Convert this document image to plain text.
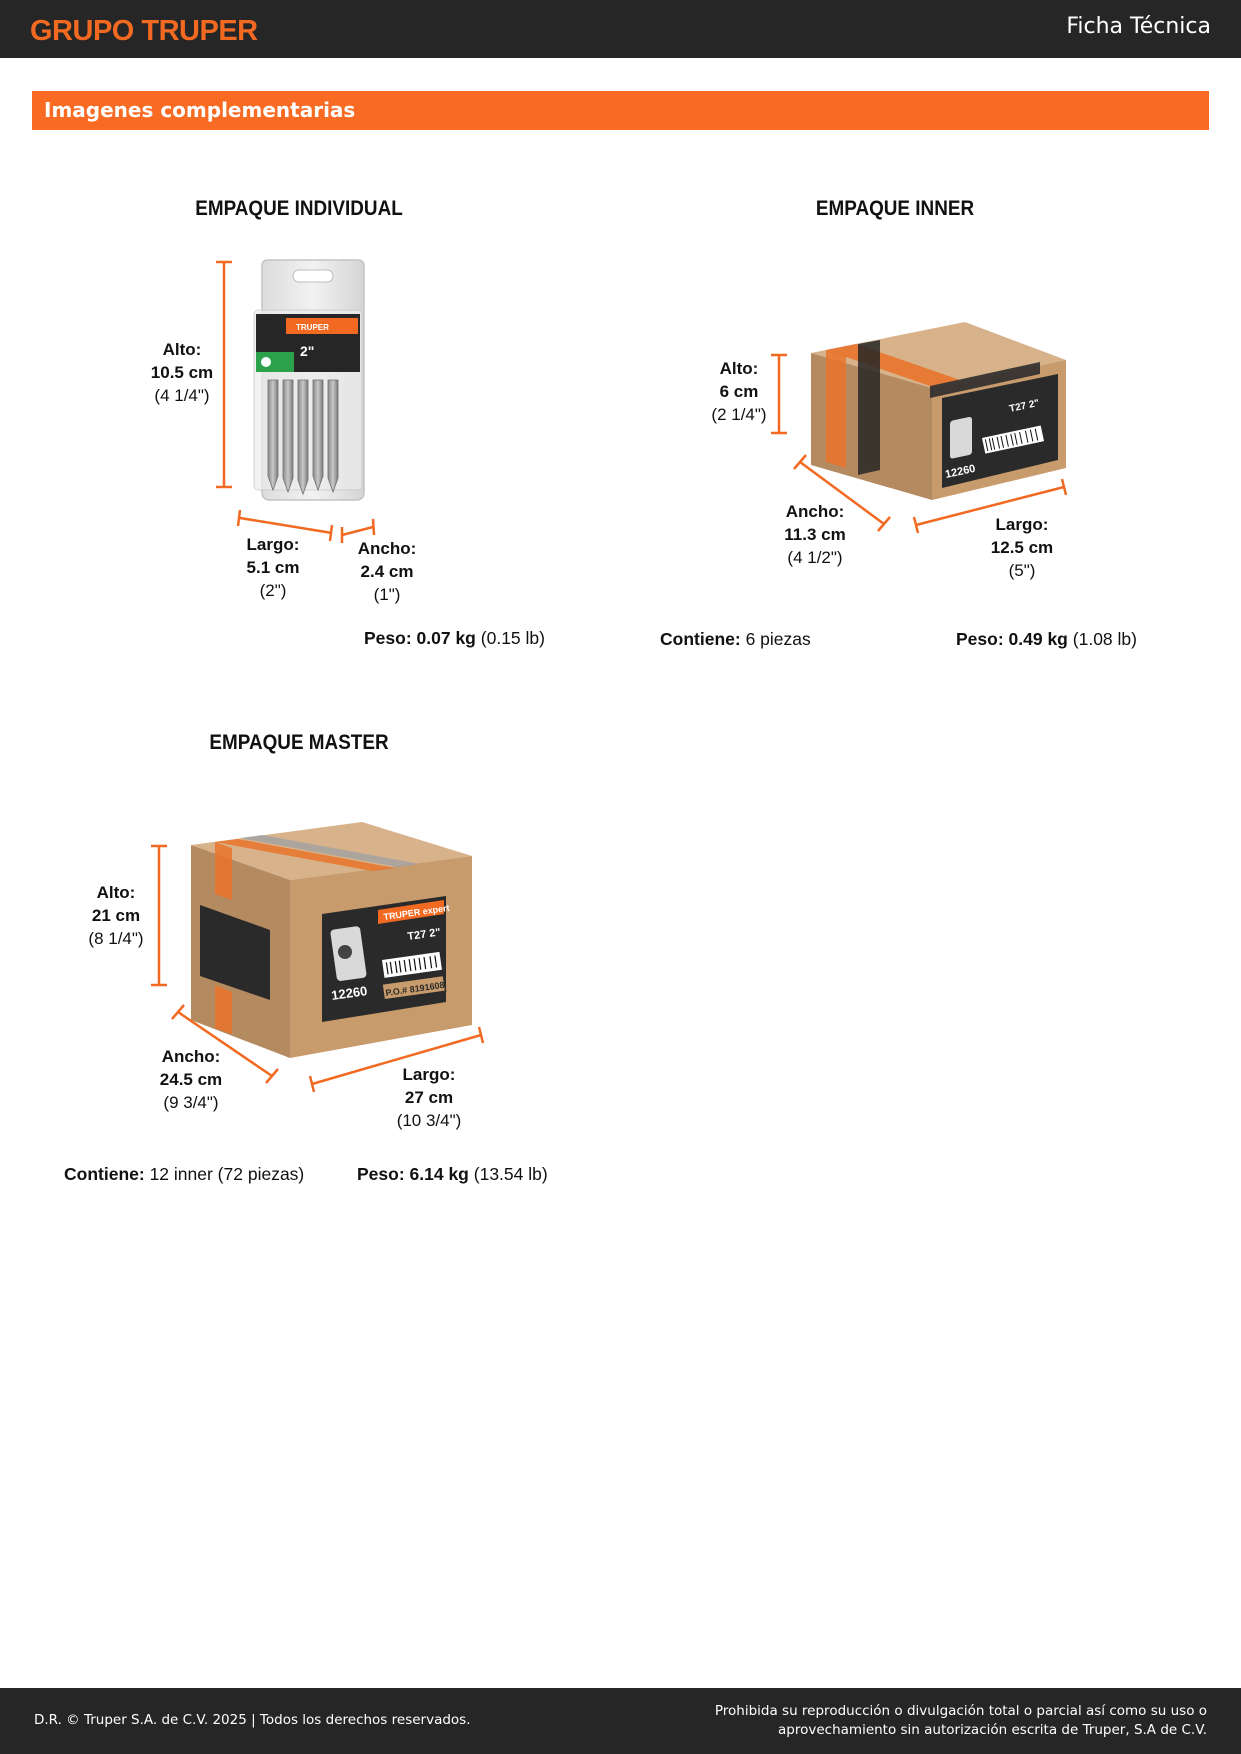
GRUPO TRUPER	Ficha Técnica
Imagenes complementarias
TRUPER
2"
12260
T27 2"
TRUPER expert
12260
T27 2"
P.O.# 8191608
EMPAQUE INDIVIDUAL
Alto:
10.5 cm
(4 1/4")
Largo:
5.1 cm
(2")
Ancho:
2.4 cm
(1")
Peso: 0.07 kg (0.15 lb)
EMPAQUE INNER
Alto:
6 cm
(2 1/4")
Ancho:
11.3 cm
(4 1/2")
Largo:
12.5 cm
(5")
Contiene: 6 piezas	Peso: 0.49 kg (1.08 lb)
EMPAQUE MASTER
Alto:
21 cm
(8 1/4")
Ancho:
24.5 cm
(9 3/4")
Largo:
27 cm
(10 3/4")
Contiene: 12 inner (72 piezas)	Peso: 6.14 kg (13.54 lb)
D.R. © Truper S.A. de C.V. 2025 | Todos los derechos reservados.
Prohibida su reproducción o divulgación total o parcial así como su uso o
aprovechamiento sin autorización escrita de Truper, S.A de C.V.
